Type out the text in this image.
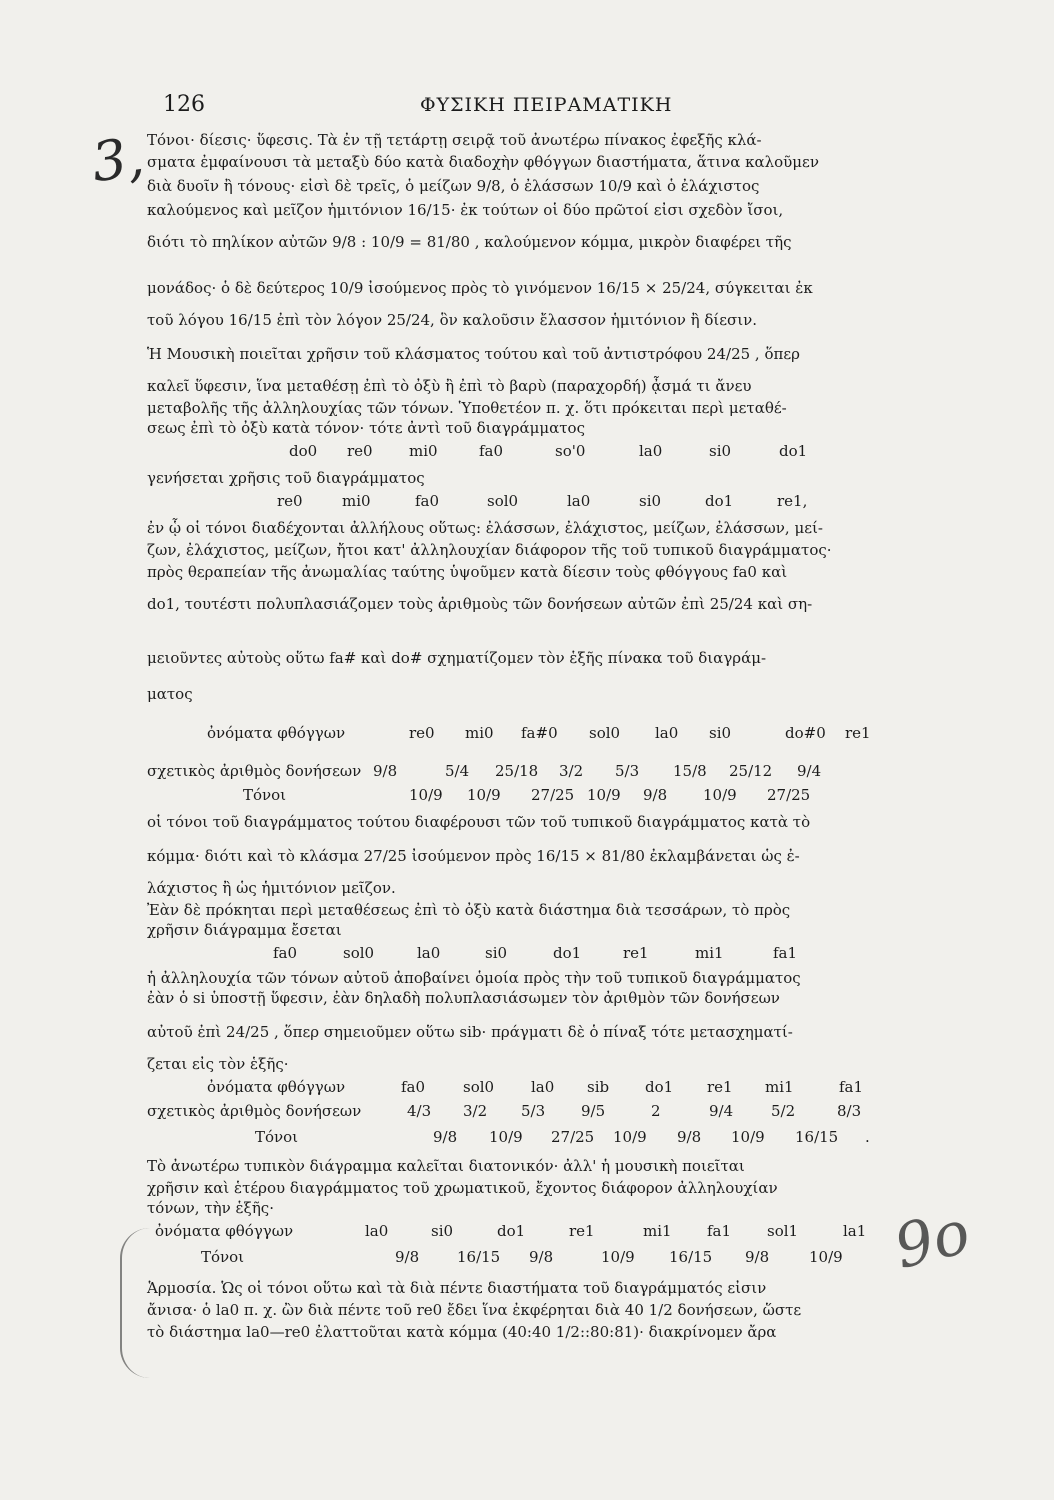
126	ΦΥΣΙΚΗ ΠΕΙΡΑΜΑΤΙΚΗ
3,
9ο
Τόνοι· δίεσις· ὕφεσις. Τὰ ἐν τῇ τετάρτῃ σειρᾷ τοῦ ἀνωτέρω πίνακος ἐφεξῆς κλά-
σματα ἐμφαίνουσι τὰ μεταξὺ δύο κατὰ διαδοχὴν φθόγγων διαστήματα, ἅτινα καλοῦμεν
διὰ δυοῖν ἢ τόνους· εἰσὶ δὲ τρεῖς, ὁ μείζων 9/8, ὁ ἐλάσσων 10/9 καὶ ὁ ἐλάχιστος
καλούμενος καὶ μεῖζον ἡμιτόνιον 16/15· ἐκ τούτων οἱ δύο πρῶτοί εἰσι σχεδὸν ἴσοι,
διότι τὸ πηλίκον αὐτῶν 9/8 : 10/9 = 81/80 , καλούμενον κόμμα, μικρὸν διαφέρει τῆς
μονάδος· ὁ δὲ δεύτερος 10/9 ἰσούμενος πρὸς τὸ γινόμενον 16/15 × 25/24, σύγκειται ἐκ
τοῦ λόγου 16/15 ἐπὶ τὸν λόγον 25/24, ὃν καλοῦσιν ἔλασσον ἡμιτόνιον ἢ δίεσιν.
Ἡ Μουσικὴ ποιεῖται χρῆσιν τοῦ κλάσματος τούτου καὶ τοῦ ἀντιστρόφου 24/25 , ὅπερ
καλεῖ ὕφεσιν, ἵνα μεταθέσῃ ἐπὶ τὸ ὀξὺ ἢ ἐπὶ τὸ βαρὺ (παραχορδή) ᾆσμά τι ἄνευ
μεταβολῆς τῆς ἀλληλουχίας τῶν τόνων. Ὑποθετέον π. χ. ὅτι πρόκειται περὶ μεταθέ-
σεως ἐπὶ τὸ ὀξὺ κατὰ τόνον· τότε ἀντὶ τοῦ διαγράμματος
do0 re0 mi0	fa0	so'0	la0	si0	do1
γενήσεται χρῆσις τοῦ διαγράμματος
re0	mi0	fa0	sol0	la0	si0	do1	re1,
ἐν ᾧ οἱ τόνοι διαδέχονται ἀλλήλους οὕτως: ἐλάσσων, ἐλάχιστος, μείζων, ἐλάσσων, μεί-
ζων, ἐλάχιστος, μείζων, ἤτοι κατ' ἀλληλουχίαν διάφορον τῆς τοῦ τυπικοῦ διαγράμματος·
πρὸς θεραπείαν τῆς ἀνωμαλίας ταύτης ὑψοῦμεν κατὰ δίεσιν τοὺς φθόγγους fa0 καὶ
do1, τουτέστι πολυπλασιάζομεν τοὺς ἀριθμοὺς τῶν δονήσεων αὐτῶν ἐπὶ 25/24 καὶ ση-
μειοῦντες αὐτοὺς οὕτω fa# καὶ do# σχηματίζομεν τὸν ἑξῆς πίνακα τοῦ διαγράμ-
ματος
ὀνόματα φθόγγων	re0 mi0 fa#0 sol0 la0 si0	do#0 re1
σχετικὸς ἀριθμὸς δονήσεων 9/8	5/4 25/18 3/2 5/3 15/8 25/12 9/4
Τόνοι	10/9 10/9 27/25 10/9 9/8 10/9 27/25
οἱ τόνοι τοῦ διαγράμματος τούτου διαφέρουσι τῶν τοῦ τυπικοῦ διαγράμματος κατὰ τὸ
κόμμα· διότι καὶ τὸ κλάσμα 27/25 ἰσούμενον πρὸς 16/15 × 81/80 ἐκλαμβάνεται ὡς ἐ-
λάχιστος ἢ ὡς ἡμιτόνιον μεῖζον.
Ἐὰν δὲ πρόκηται περὶ μεταθέσεως ἐπὶ τὸ ὀξὺ κατὰ διάστημα διὰ τεσσάρων, τὸ πρὸς
χρῆσιν διάγραμμα ἔσεται
fa0	sol0	la0	si0	do1	re1	mi1	fa1
ἡ ἀλληλουχία τῶν τόνων αὐτοῦ ἀποβαίνει ὁμοία πρὸς τὴν τοῦ τυπικοῦ διαγράμματος
ἐὰν ὁ si ὑποστῇ ὕφεσιν, ἐὰν δηλαδὴ πολυπλασιάσωμεν τὸν ἀριθμὸν τῶν δονήσεων
αὐτοῦ ἐπὶ 24/25 , ὅπερ σημειοῦμεν οὕτω sib· πράγματι δὲ ὁ πίναξ τότε μετασχηματί-
ζεται εἰς τὸν ἑξῆς·
ὀνόματα φθόγγων	fa0	sol0 la0 sib do1 re1 mi1	fa1
σχετικὸς ἀριθμὸς δονήσεων	4/3 3/2 5/3 9/5	2	9/4	5/2	8/3
Τόνοι	9/8 10/9 27/25 10/9 9/8 10/9 16/15 .
Τὸ ἀνωτέρω τυπικὸν διάγραμμα καλεῖται διατονικόν· ἀλλ' ἡ μουσικὴ ποιεῖται
χρῆσιν καὶ ἑτέρου διαγράμματος τοῦ χρωματικοῦ, ἔχοντος διάφορον ἀλληλουχίαν
τόνων, τὴν ἑξῆς·
ὀνόματα φθόγγων	la0	si0	do1	re1	mi1 fa1 sol1	la1
Τόνοι	9/8	16/15 9/8	10/9 16/15 9/8	10/9
Ἁρμοσία. Ὡς οἱ τόνοι οὕτω καὶ τὰ διὰ πέντε διαστήματα τοῦ διαγράμματός εἰσιν
ἄνισα· ὁ la0 π. χ. ὢν διὰ πέντε τοῦ re0 ἔδει ἵνα ἐκφέρηται διὰ 40 1/2 δονήσεων, ὥστε
τὸ διάστημα la0—re0 ἐλαττοῦται κατὰ κόμμα (40:40 1/2::80:81)· διακρίνομεν ἄρα
